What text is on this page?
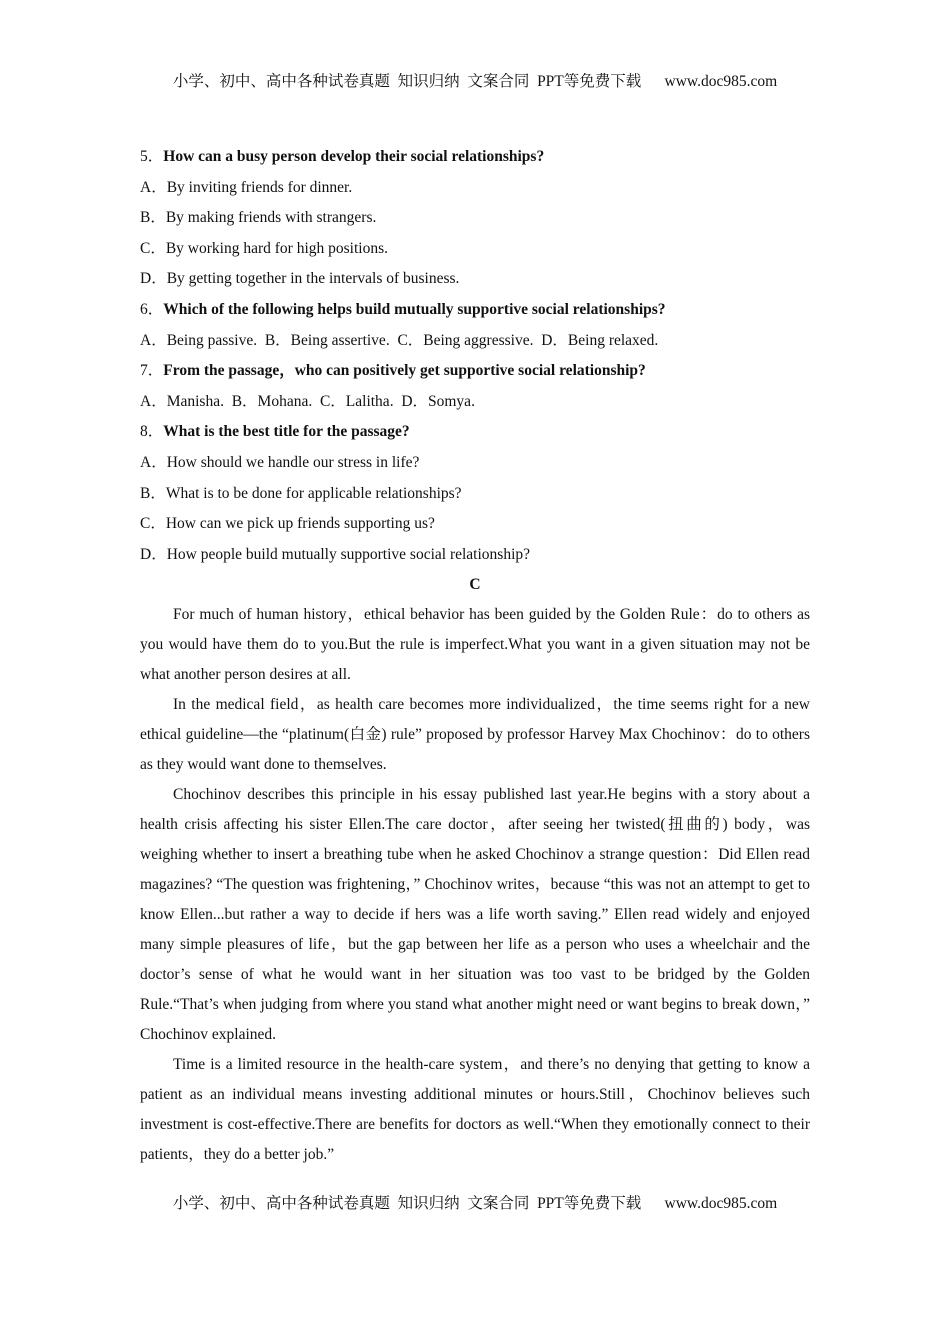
小学、初中、高中各种试卷真题  知识归纳  文案合同  PPT等免费下载      www.doc985.com
5．How can a busy person develop their social relationships?
A．By inviting friends for dinner.
B．By making friends with strangers.
C．By working hard for high positions.
D．By getting together in the intervals of business.
6．Which of the following helps build mutually supportive social relationships?
A．Being passive.  B．Being assertive.  C．Being aggressive.  D．Being relaxed.
7．From the passage，who can positively get supportive social relationship?
A．Manisha.  B．Mohana.  C．Lalitha.  D．Somya.
8．What is the best title for the passage?
A．How should we handle our stress in life?
B．What is to be done for applicable relationships?
C．How can we pick up friends supporting us?
D．How people build mutually supportive social relationship?
C

For much of human history，ethical behavior has been guided by the Golden Rule：do to others as you would have them do to you.But the rule is imperfect.What you want in a given situation may not be what another person desires at all.

In the medical field，as health care becomes more individualized，the time seems right for a new ethical guideline—the “platinum(白金) rule” proposed by professor Harvey Max Chochinov：do to others as they would want done to themselves.

Chochinov describes this principle in his essay published last year.He begins with a story about a health crisis affecting his sister Ellen.The care doctor，after seeing her twisted(扭曲的) body，was weighing whether to insert a breathing tube when he asked Chochinov a strange question：Did Ellen read magazines? “The question was frightening，” Chochinov writes，because “this was not an attempt to get to know Ellen...but rather a way to decide if hers was a life worth saving.” Ellen read widely and enjoyed many simple pleasures of life，but the gap between her life as a person who uses a wheelchair and the doctor’s sense of what he would want in her situation was too vast to be bridged by the Golden Rule.“That’s when judging from where you stand what another might need or want begins to break down，” Chochinov explained.

Time is a limited resource in the health-care system，and there’s no denying that getting to know a patient as an individual means investing additional minutes or hours.Still，Chochinov believes such investment is cost-effective.There are benefits for doctors as well.“When they emotionally connect to their patients，they do a better job.”

小学、初中、高中各种试卷真题  知识归纳  文案合同  PPT等免费下载      www.doc985.com
